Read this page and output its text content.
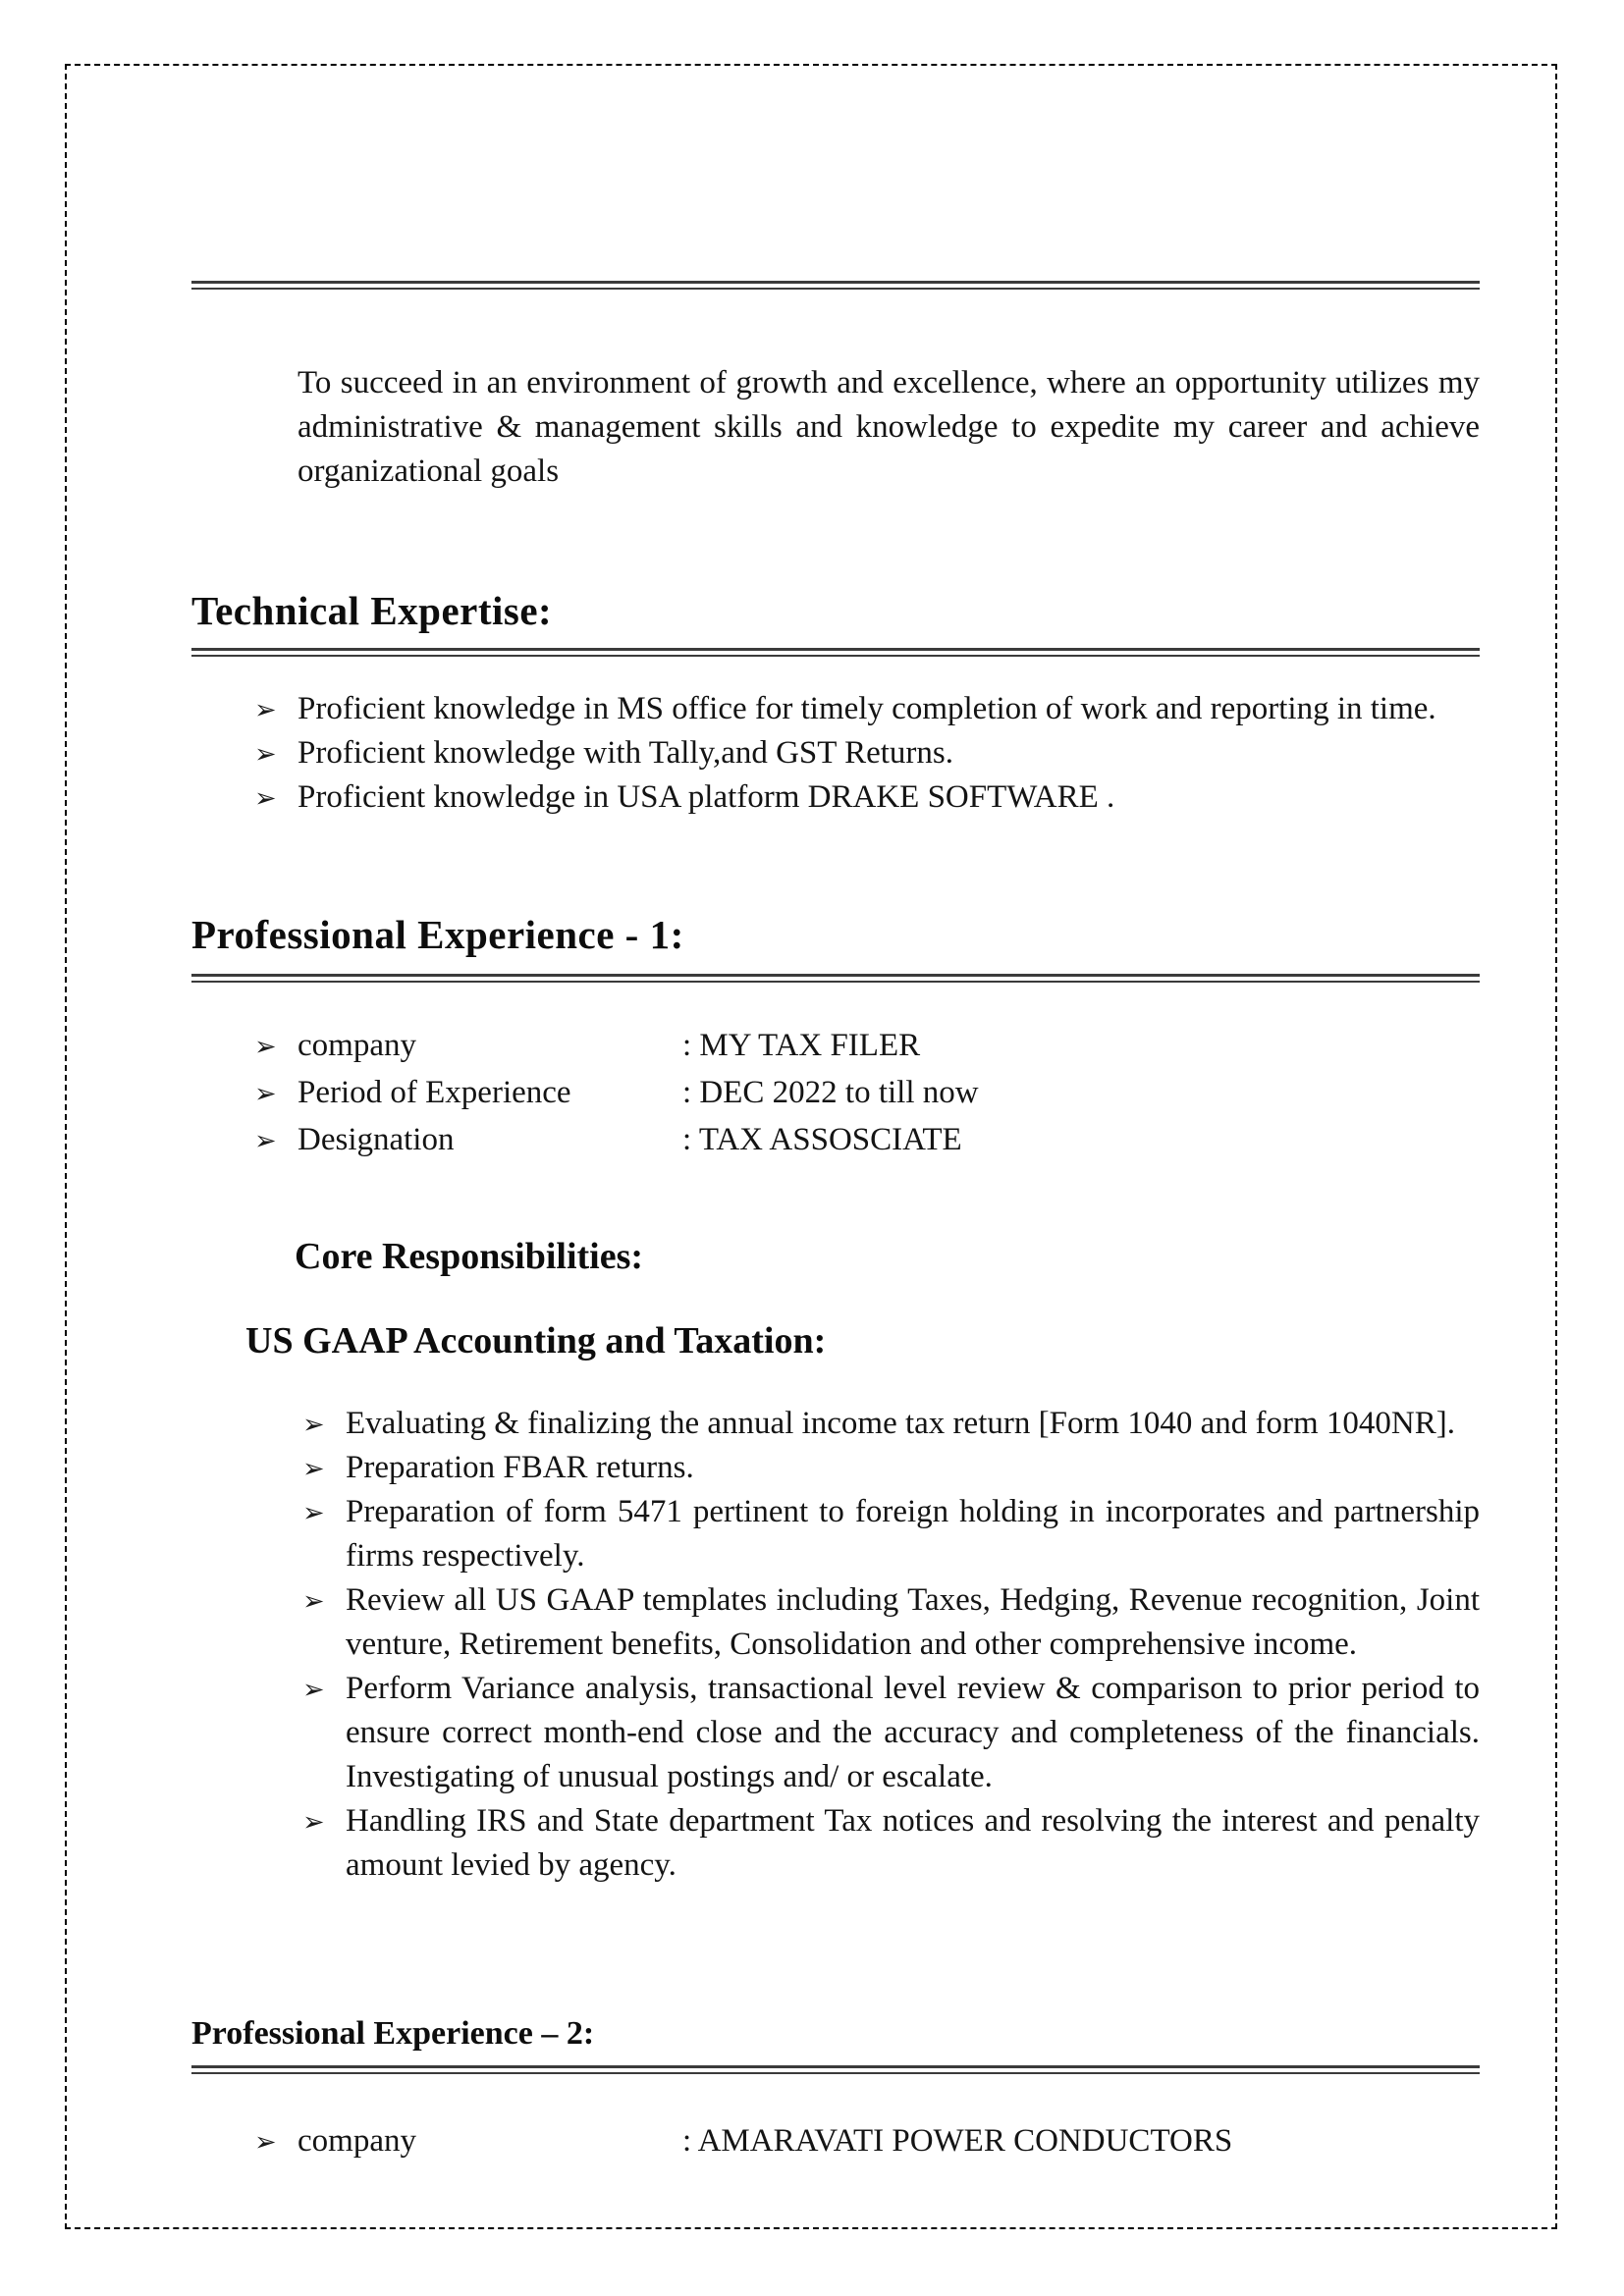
To succeed in an environment of growth and excellence, where an opportunity utilizes my administrative & management skills and knowledge to expedite my career and achieve organizational goals

Technical Expertise:
➢ Proficient knowledge in MS office for timely completion of work and reporting in time.
➢ Proficient knowledge with Tally,and GST Returns.
➢ Proficient knowledge in USA platform DRAKE SOFTWARE .
Professional Experience - 1:
➢ company	: MY TAX FILER
➢ Period of Experience	: DEC 2022 to till now
➢ Designation	: TAX ASSOSCIATE
Core Responsibilities:
US GAAP Accounting and Taxation:
➢ Evaluating & finalizing the annual income tax return [Form 1040 and form 1040NR].
➢ Preparation FBAR returns.
➢ Preparation of form 5471 pertinent to foreign holding in incorporates and partnership firms respectively.
➢ Review all US GAAP templates including Taxes, Hedging, Revenue recognition, Joint venture, Retirement benefits, Consolidation and other comprehensive income.
➢ Perform Variance analysis, transactional level review & comparison to prior period to ensure correct month-end close and the accuracy and completeness of the financials. Investigating of unusual postings and/ or escalate.
➢ Handling IRS and State department Tax notices and resolving the interest and penalty amount levied by agency.
Professional Experience – 2:
➢ company	: AMARAVATI POWER CONDUCTORS
